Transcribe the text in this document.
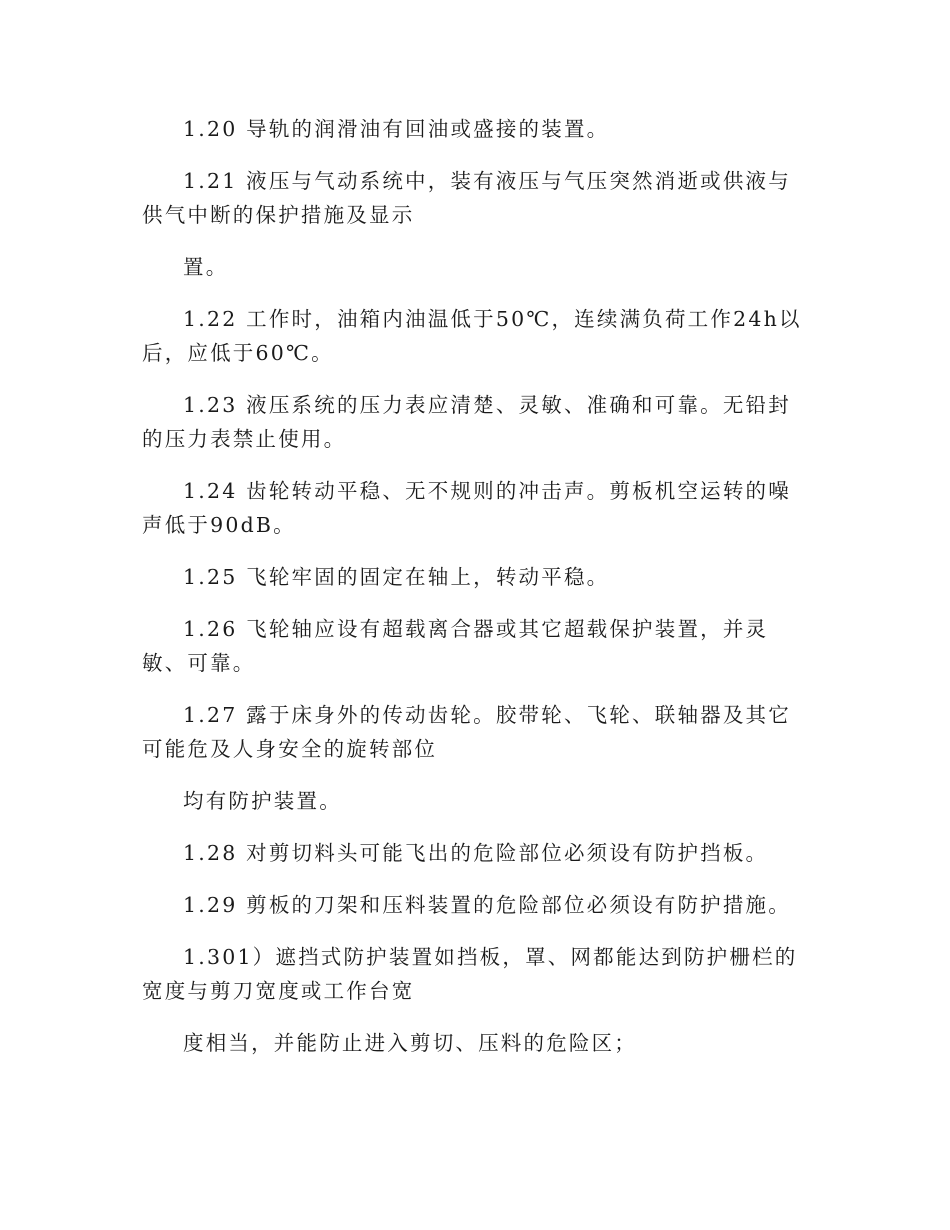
1.20 导轨的润滑油有回油或盛接的装置。

1.21 液压与气动系统中，装有液压与气压突然消逝或供液与供气中断的保护措施及显示

置。

1.22 工作时，油箱内油温低于50℃，连续满负荷工作24h以后，应低于60℃。

1.23 液压系统的压力表应清楚、灵敏、准确和可靠。无铅封的压力表禁止使用。

1.24 齿轮转动平稳、无不规则的冲击声。剪板机空运转的噪声低于90dB。

1.25 飞轮牢固的固定在轴上，转动平稳。

1.26 飞轮轴应设有超载离合器或其它超载保护装置，并灵敏、可靠。

1.27 露于床身外的传动齿轮。胶带轮、飞轮、联轴器及其它可能危及人身安全的旋转部位

均有防护装置。

1.28 对剪切料头可能飞出的危险部位必须设有防护挡板。

1.29 剪板的刀架和压料装置的危险部位必须设有防护措施。

1.301）遮挡式防护装置如挡板，罩、网都能达到防护栅栏的宽度与剪刀宽度或工作台宽

度相当，并能防止进入剪切、压料的危险区；
